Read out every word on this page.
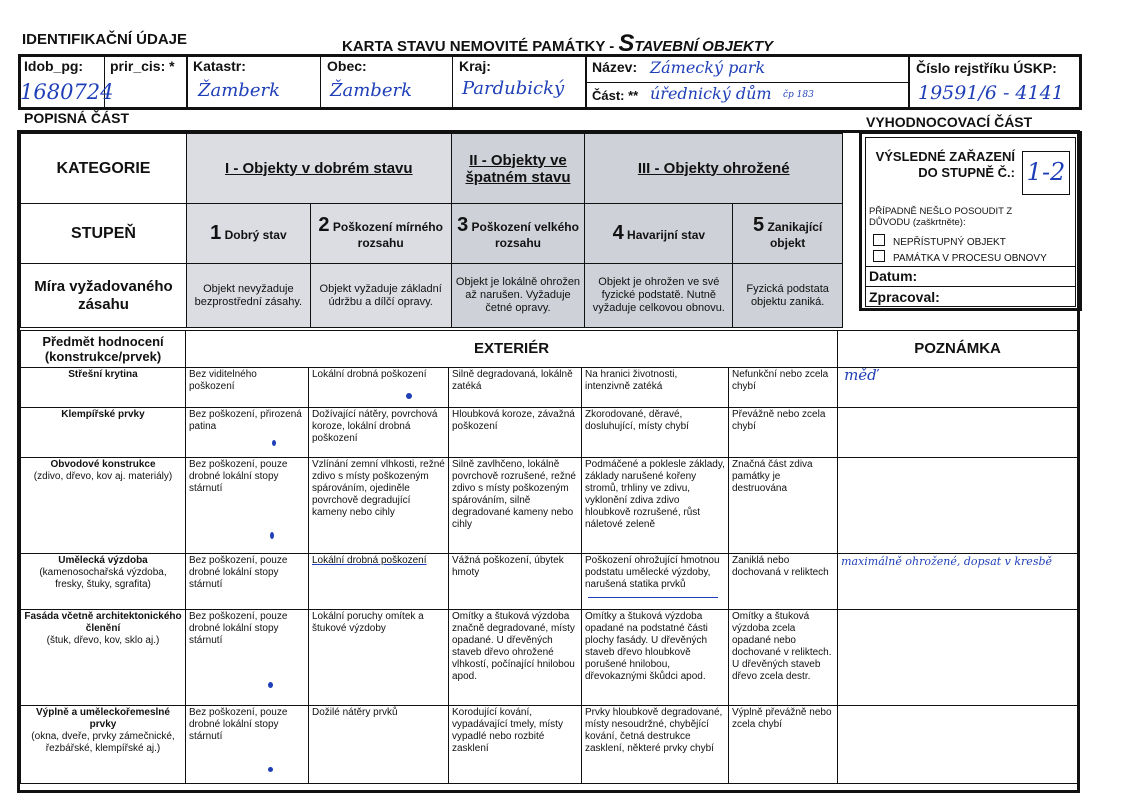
IDENTIFIKAČNÍ ÚDAJE	KARTA STAVU NEMOVITÉ PAMÁTKY - STAVEBNÍ OBJEKTY
Idob_pg:
1680724
prir_cis: * Katastr:
Žamberk
Obec:
Žamberk
Kraj:
Pardubický
Název: Zámecký park
Část: ** úřednický dům čp 183
Číslo rejstříku ÚSKP:
19591/6 - 4141
POPISNÁ ČÁST	VYHODNOCOVACÍ ČÁST
VÝSLEDNÉ ZAŘAZENÍ DO STUPNĚ Č.: 1-2
PŘÍPADNĚ NEŠLO POSOUDIT Z DŮVODU (zaškrtněte):
NEPŘÍSTUPNÝ OBJEKT
PAMÁTKA V PROCESU OBNOVY
Datum:
Zpracoval:
KATEGORIE	I - Objekty v dobrém stavu		II - Objekty ve špatném stavu	III - Objekty ohrožené	
STUPEŇ	1 Dobrý stav	2 Poškození mírného rozsahu	3 Poškození velkého rozsahu	4 Havarijní stav	5 Zanikající objekt
Míra vyžadovaného zásahu	Objekt nevyžaduje bezprostřední zásahy.	Objekt vyžaduje základní údržbu a dílčí opravy.	Objekt je lokálně ohrožen až narušen. Vyžaduje četné opravy.	Objekt je ohrožen ve své fyzické podstatě. Nutně vyžaduje celkovou obnovu.	Fyzická podstata objektu zaniká.
Předmět hodnocení (konstrukce/prvek)	EXTERIÉR					POZNÁMKA
Střešní krytina	Bez viditelného poškození	Lokální drobná poškození	Silně degradovaná, lokálně zatéká	Na hranici životnosti, intenzivně zatéká	Nefunkční nebo zcela chybí	měď
Klempířské prvky	Bez poškození, přirozená patina	Dožívající nátěry, povrchová koroze, lokální drobná poškození	Hloubková koroze, závažná poškození	Zkorodované, děravé, dosluhující, místy chybí	Převážně nebo zcela chybí	
Obvodové konstrukce
(zdivo, dřevo, kov aj. materiály)	Bez poškození, pouze drobné lokální stopy stárnutí	Vzlínání zemní vlhkosti, režné zdivo s místy poškozeným spárováním, ojediněle povrchově degradující kameny nebo cihly	Silně zavlhčeno, lokálně povrchově rozrušené, režné zdivo s místy poškozeným spárováním, silně degradované kameny nebo cihly	Podmáčené a poklesle základy, základy narušené kořeny stromů, trhliny ve zdivu, vyklonění zdiva zdivo hloubkově rozrušené, růst náletové zeleně	Značná část zdiva památky je destruována	
Umělecká výzdoba
(kamenosochařská výzdoba, fresky, štuky, sgrafita)	Bez poškození, pouze drobné lokální stopy stárnutí	Lokální drobná poškození	Vážná poškození, úbytek hmoty	Poškození ohrožující hmotnou podstatu umělecké výzdoby, narušená statika prvků	Zaniklá nebo dochovaná v reliktech	maximálně ohrožené, dopsat v kresbě
Fasáda včetně architektonického členění
(štuk, dřevo, kov, sklo aj.)	Bez poškození, pouze drobné lokální stopy stárnutí	Lokální poruchy omítek a štukové výzdoby	Omítky a štuková výzdoba značně degradované, místy opadané. U dřevěných staveb dřevo ohrožené vlhkostí, počínající hnilobou apod.	Omítky a štuková výzdoba opadané na podstatné části plochy fasády. U dřevěných staveb dřevo hloubkově porušené hnilobou, dřevokaznými škůdci apod.	Omítky a štuková výzdoba zcela opadané nebo dochované v reliktech. U dřevěných staveb dřevo zcela destr.	
Výplně a uměleckořemeslné prvky
(okna, dveře, prvky zámečnické, řezbářské, klempířské aj.)	Bez poškození, pouze drobné lokální stopy stárnutí	Dožilé nátěry prvků	Korodující kování, vypadávající tmely, místy vypadlé nebo rozbité zasklení	Prvky hloubkově degradované, místy nesoudržné, chybějící kování, četná destrukce zasklení, některé prvky chybí	Výplně převážně nebo zcela chybí	
